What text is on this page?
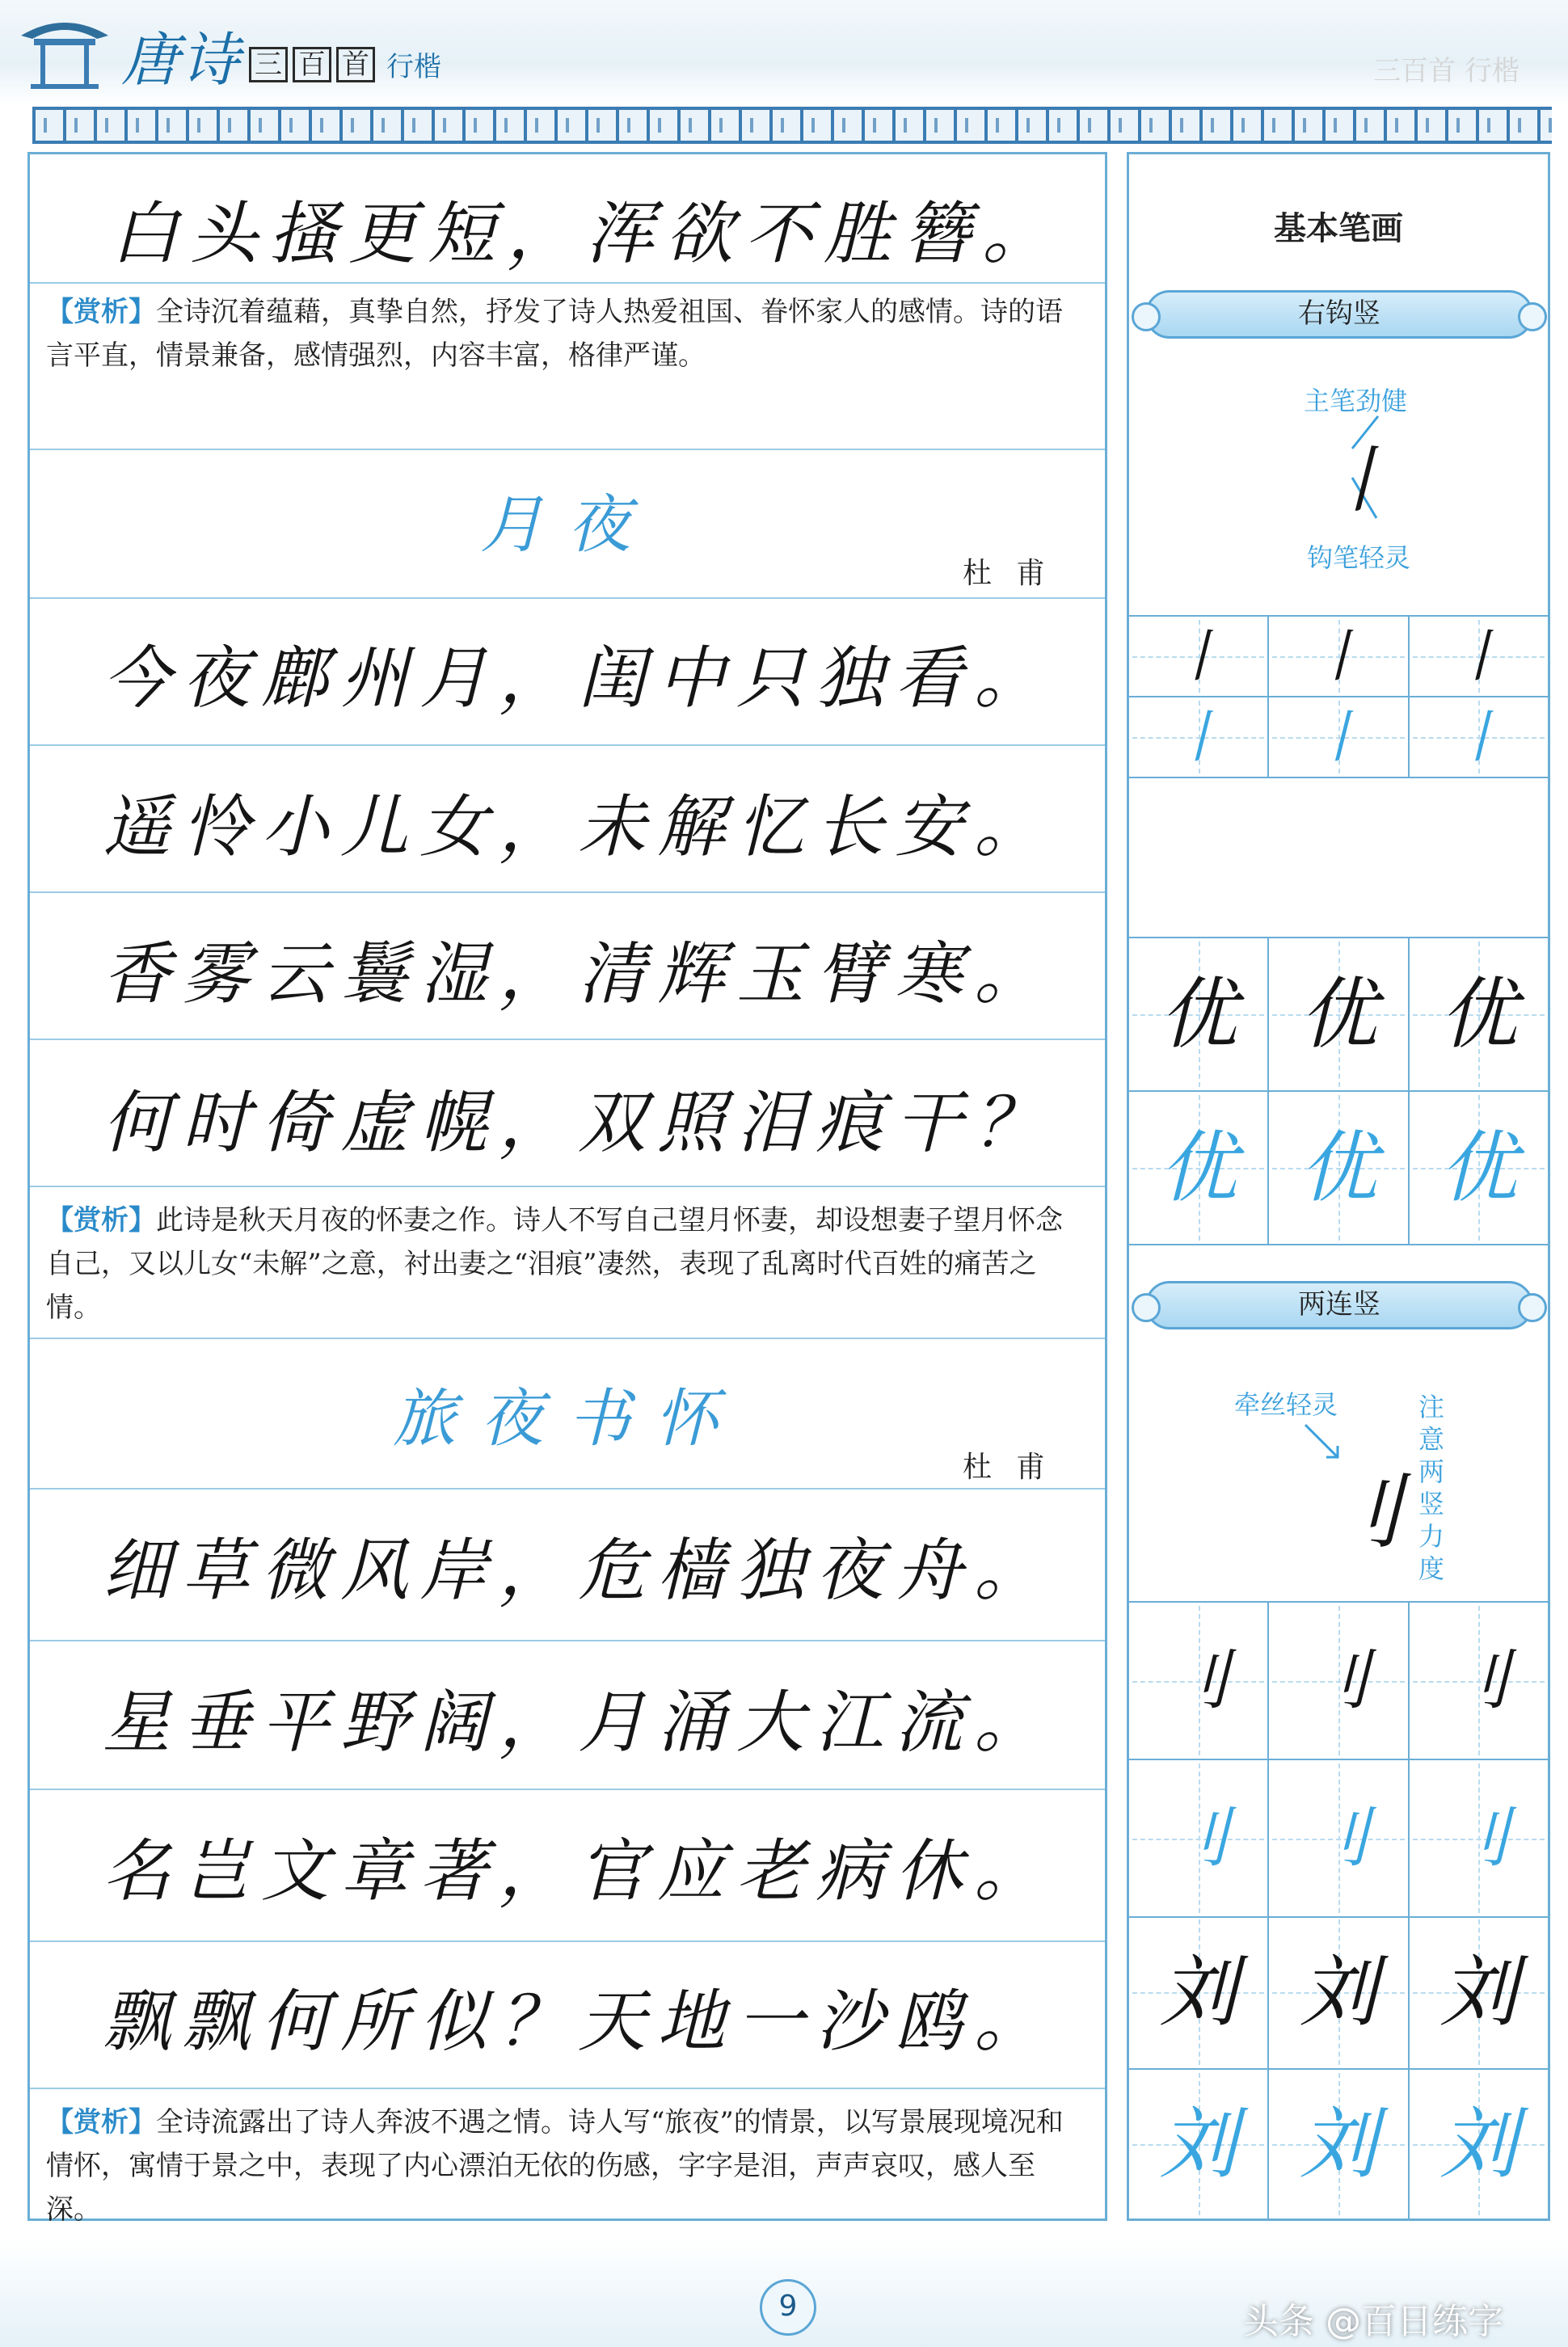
唐诗 三 百 首 行楷	三百首 行楷
白头搔更短，浑欲不胜簪。
【赏析】全诗沉着蕴藉，真挚自然，抒发了诗人热爱祖国、眷怀家人的感情。诗的语言平直，情景兼备，感情强烈，内容丰富，格律严谨。
月夜
杜甫
今夜鄜州月，闺中只独看。
遥怜小儿女，未解忆长安。
香雾云鬟湿，清辉玉臂寒。
何时倚虚幌，双照泪痕干？
【赏析】此诗是秋天月夜的怀妻之作。诗人不写自己望月怀妻，却设想妻子望月怀念自己，又以儿女“未解”之意，衬出妻之“泪痕”凄然，表现了乱离时代百姓的痛苦之情。
旅夜书怀
杜甫
细草微风岸，危樯独夜舟。
星垂平野阔，月涌大江流。
名岂文章著，官应老病休。
飘飘何所似？天地一沙鸥。
【赏析】全诗流露出了诗人奔波不遇之情。诗人写“旅夜”的情景，以写景展现境况和情怀，寓情于景之中，表现了内心漂泊无依的伤感，字字是泪，声声哀叹，感人至深。
基本笔画
右钩竖
主笔劲健
丨
钩笔轻灵
丨 丨 丨
丨 丨 丨
优 优 优
优 优 优
两连竖
牵丝轻灵	注意两竖力度
刂
刂 刂 刂
刂 刂 刂
刘 刘 刘
刘 刘 刘
9	头条 @百日练字
